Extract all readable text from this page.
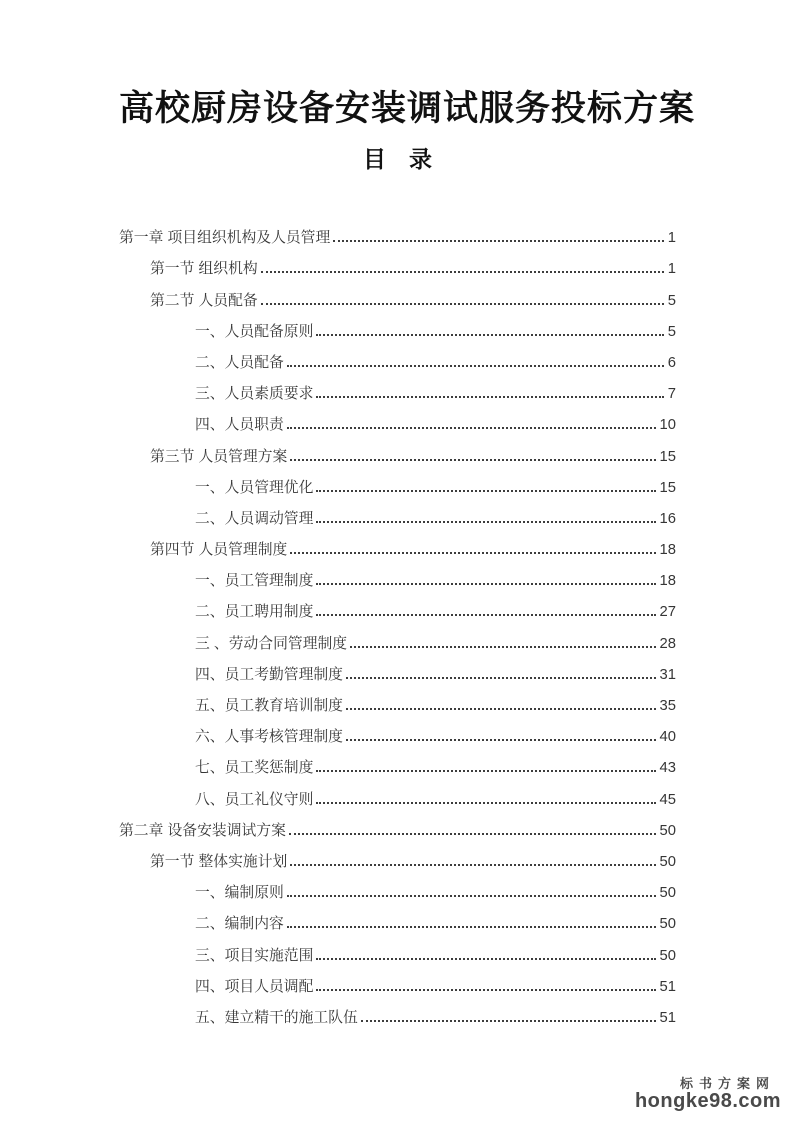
高校厨房设备安装调试服务投标方案
目　录
第一章 项目组织机构及人员管理	1
第一节 组织机构	1
第二节 人员配备	5
一、人员配备原则	5
二、人员配备	6
三、人员素质要求	7
四、人员职责	10
第三节 人员管理方案	15
一、人员管理优化	15
二、人员调动管理	16
第四节 人员管理制度	18
一、员工管理制度	18
二、员工聘用制度	27
三 、劳动合同管理制度	28
四、员工考勤管理制度	31
五、员工教育培训制度	35
六、人事考核管理制度	40
七、员工奖惩制度	43
八、员工礼仪守则	45
第二章 设备安装调试方案	50
第一节 整体实施计划	50
一、编制原则	50
二、编制内容	50
三、项目实施范围	50
四、项目人员调配	51
五、建立精干的施工队伍	51
标书方案网
hongke98.com
